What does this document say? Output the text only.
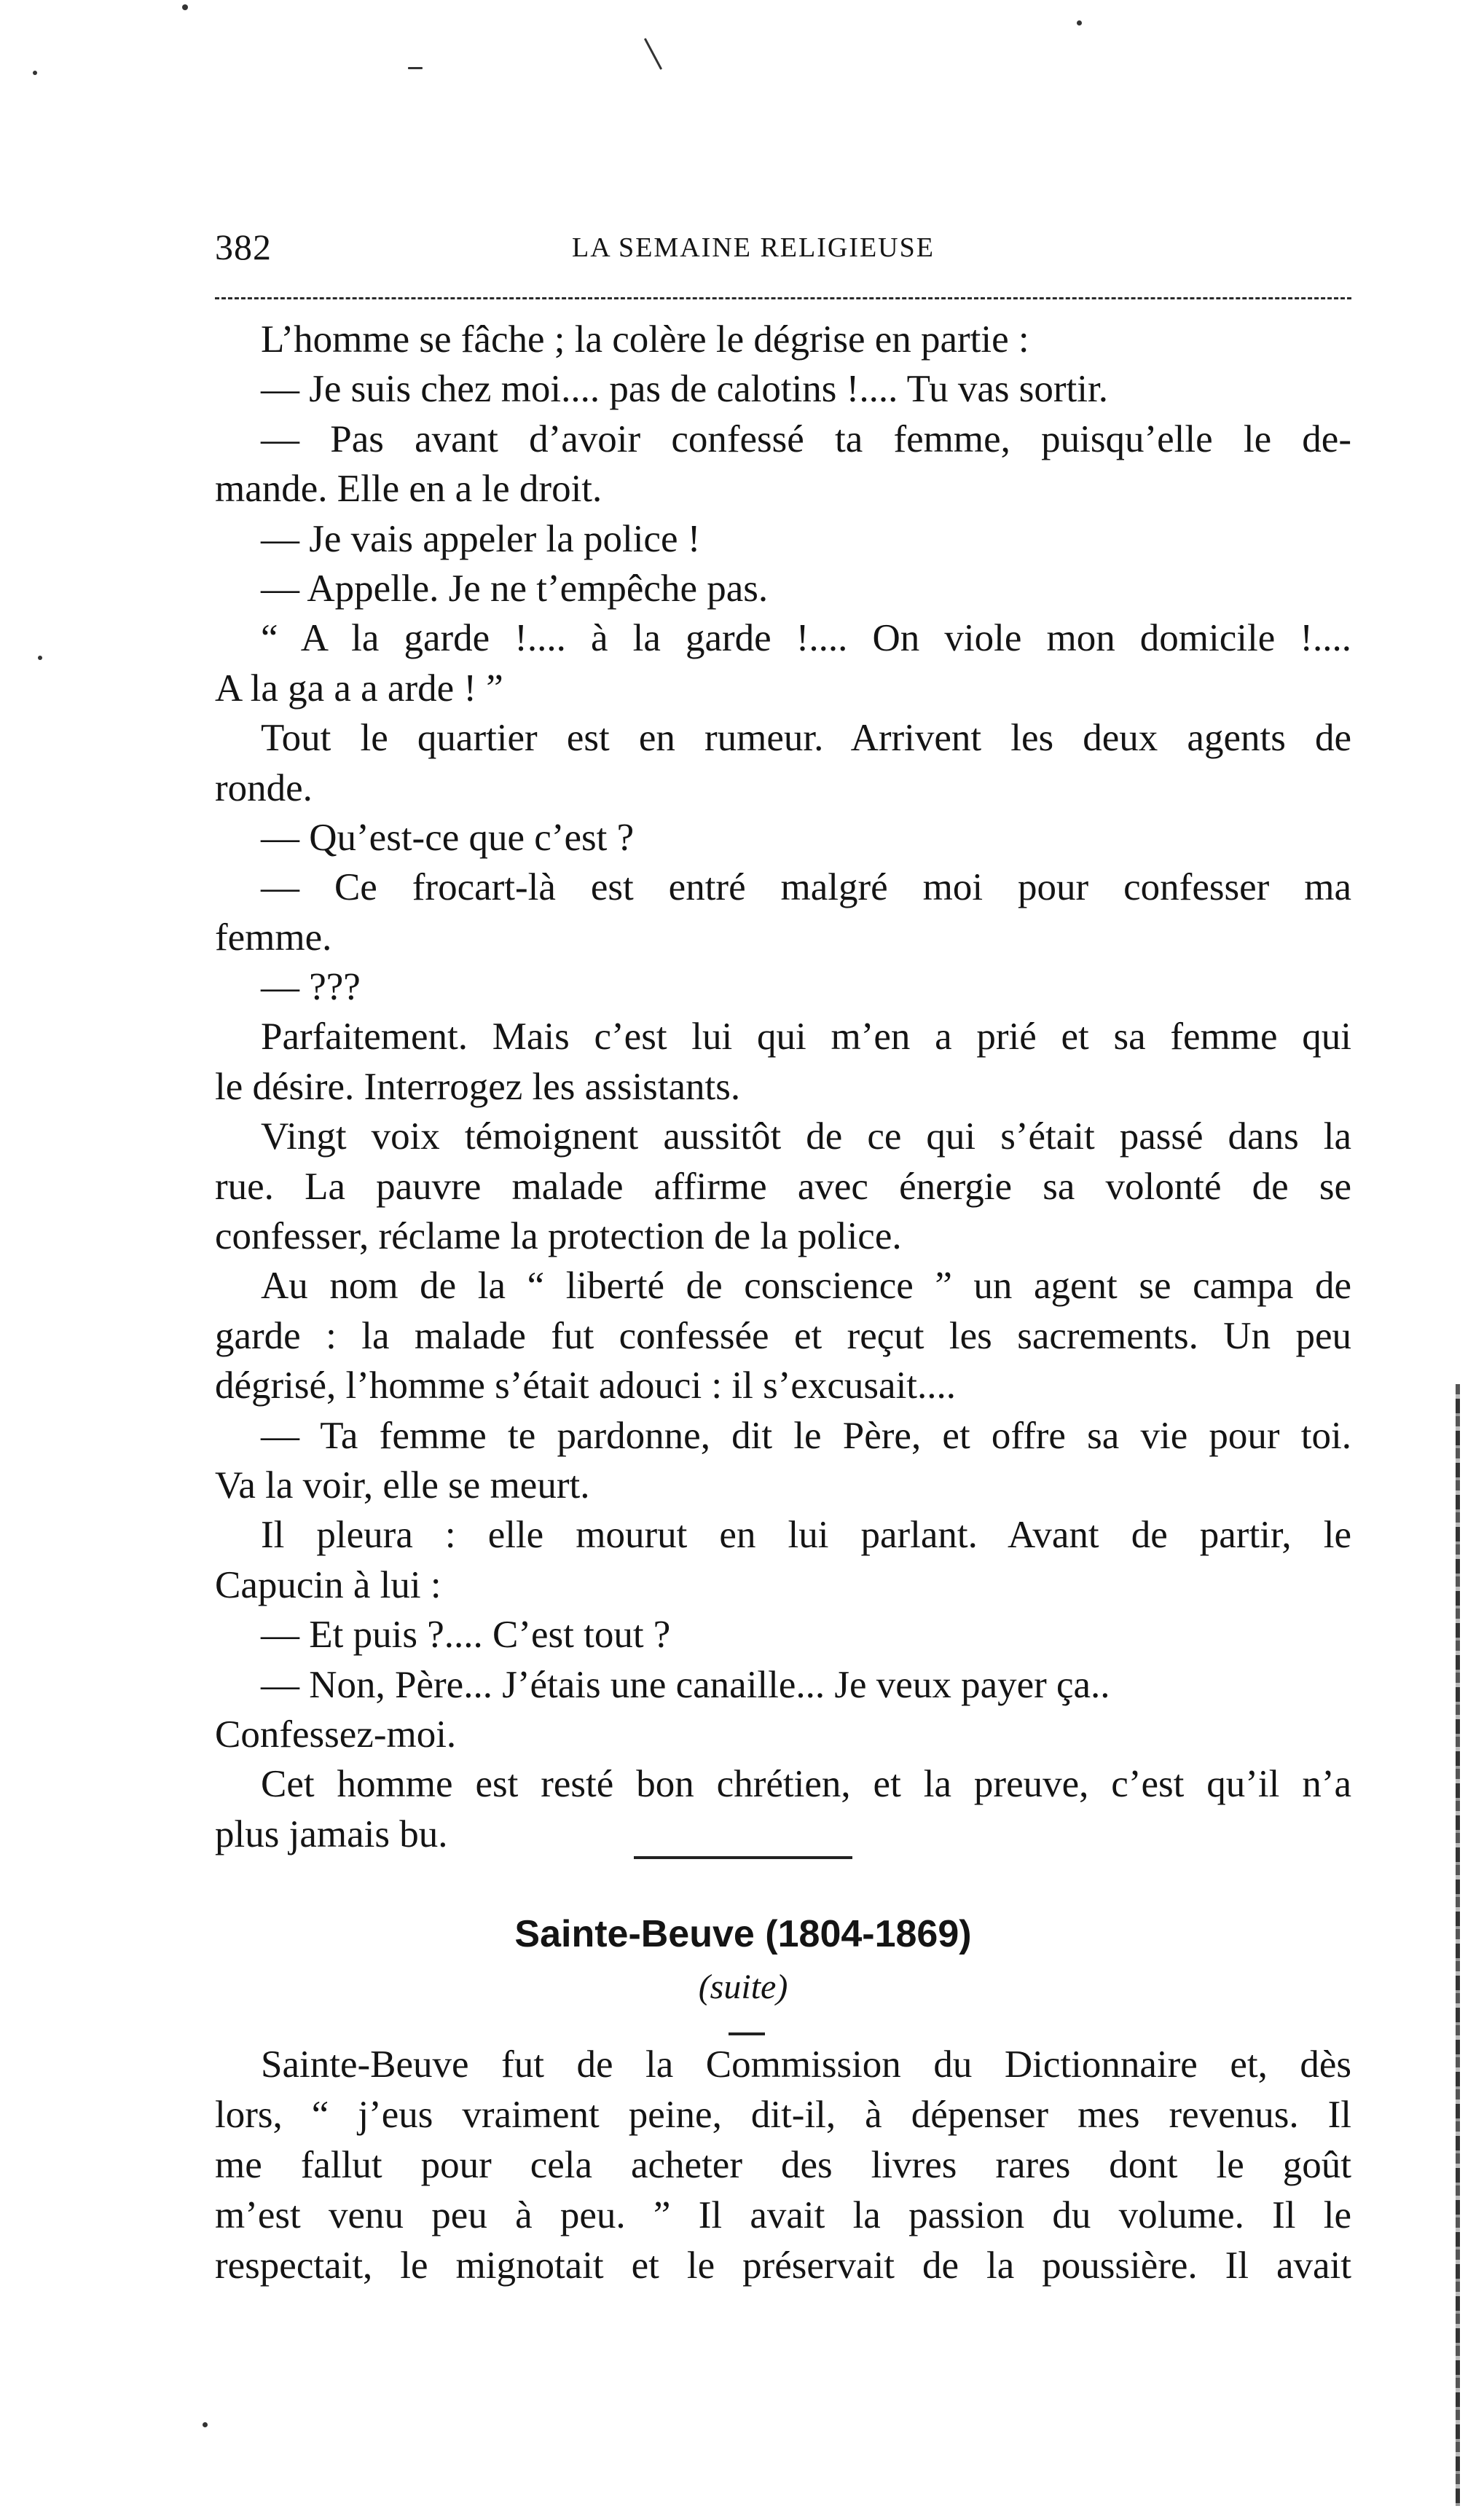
382	LA SEMAINE RELIGIEUSE
L’homme se fâche ; la colère le dégrise en partie :
— Je suis chez moi.... pas de calotins !.... Tu vas sortir.
— Pas avant d’avoir confessé ta femme, puisqu’elle le de-
mande. Elle en a le droit.
— Je vais appeler la police !
— Appelle. Je ne t’empêche pas.
“ A la garde !.... à la garde !.... On viole mon domicile !....
A la ga a a arde ! ”
Tout le quartier est en rumeur. Arrivent les deux agents de
ronde.
— Qu’est-ce que c’est ?
— Ce frocart-là est entré malgré moi pour confesser ma
femme.
— ???
Parfaitement. Mais c’est lui qui m’en a prié et sa femme qui
le désire. Interrogez les assistants.
Vingt voix témoignent aussitôt de ce qui s’était passé dans la
rue. La pauvre malade affirme avec énergie sa volonté de se
confesser, réclame la protection de la police.
Au nom de la “ liberté de conscience ” un agent se campa de
garde : la malade fut confessée et reçut les sacrements. Un peu
dégrisé, l’homme s’était adouci : il s’excusait....
— Ta femme te pardonne, dit le Père, et offre sa vie pour toi.
Va la voir, elle se meurt.
Il pleura : elle mourut en lui parlant. Avant de partir, le
Capucin à lui :
— Et puis ?.... C’est tout ?
— Non, Père... J’étais une canaille... Je veux payer ça..
Confessez-moi.
Cet homme est resté bon chrétien, et la preuve, c’est qu’il n’a
plus jamais bu.
Sainte-Beuve (1804-1869)
(suite)
Sainte-Beuve fut de la Commission du Dictionnaire et, dès
lors, “ j’eus vraiment peine, dit-il, à dépenser mes revenus. Il
me fallut pour cela acheter des livres rares dont le goût
m’est venu peu à peu. ” Il avait la passion du volume. Il le
respectait, le mignotait et le préservait de la poussière. Il avait
